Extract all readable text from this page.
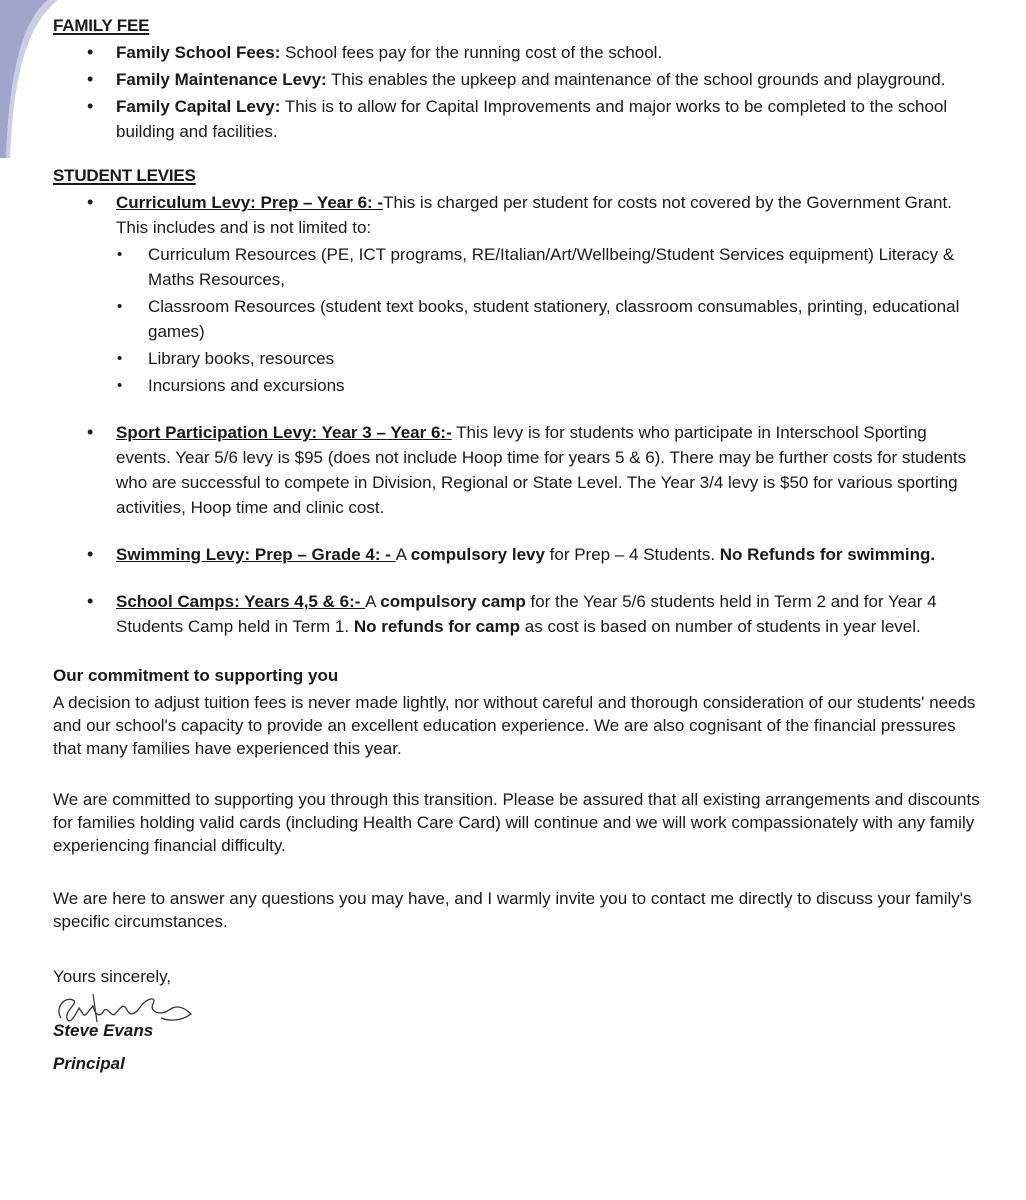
FAMILY FEE
• Family School Fees: School fees pay for the running cost of the school.
• Family Maintenance Levy: This enables the upkeep and maintenance of the school grounds and playground.
• Family Capital Levy: This is to allow for Capital Improvements and major works to be completed to the school building and facilities.
STUDENT LEVIES
• Curriculum Levy: Prep – Year 6: -This is charged per student for costs not covered by the Government Grant. This includes and is not limited to:
• Curriculum Resources (PE, ICT programs, RE/Italian/Art/Wellbeing/Student Services equipment) Literacy & Maths Resources,
• Classroom Resources (student text books, student stationery, classroom consumables, printing, educational games)
• Library books, resources
• Incursions and excursions
• Sport Participation Levy: Year 3 – Year 6:- This levy is for students who participate in Interschool Sporting events. Year 5/6 levy is $95 (does not include Hoop time for years 5 & 6). There may be further costs for students who are successful to compete in Division, Regional or State Level. The Year 3/4 levy is $50 for various sporting activities, Hoop time and clinic cost.
• Swimming Levy: Prep – Grade 4: - A compulsory levy for Prep – 4 Students. No Refunds for swimming.
• School Camps: Years 4,5 & 6:- A compulsory camp for the Year 5/6 students held in Term 2 and for Year 4 Students Camp held in Term 1. No refunds for camp as cost is based on number of students in year level.

Our commitment to supporting you

A decision to adjust tuition fees is never made lightly, nor without careful and thorough consideration of our students' needs and our school's capacity to provide an excellent education experience. We are also cognisant of the financial pressures that many families have experienced this year.

We are committed to supporting you through this transition. Please be assured that all existing arrangements and discounts for families holding valid cards (including Health Care Card) will continue and we will work compassionately with any family experiencing financial difficulty.

We are here to answer any questions you may have, and I warmly invite you to contact me directly to discuss your family's specific circumstances.

Yours sincerely,

Steve Evans

Principal
